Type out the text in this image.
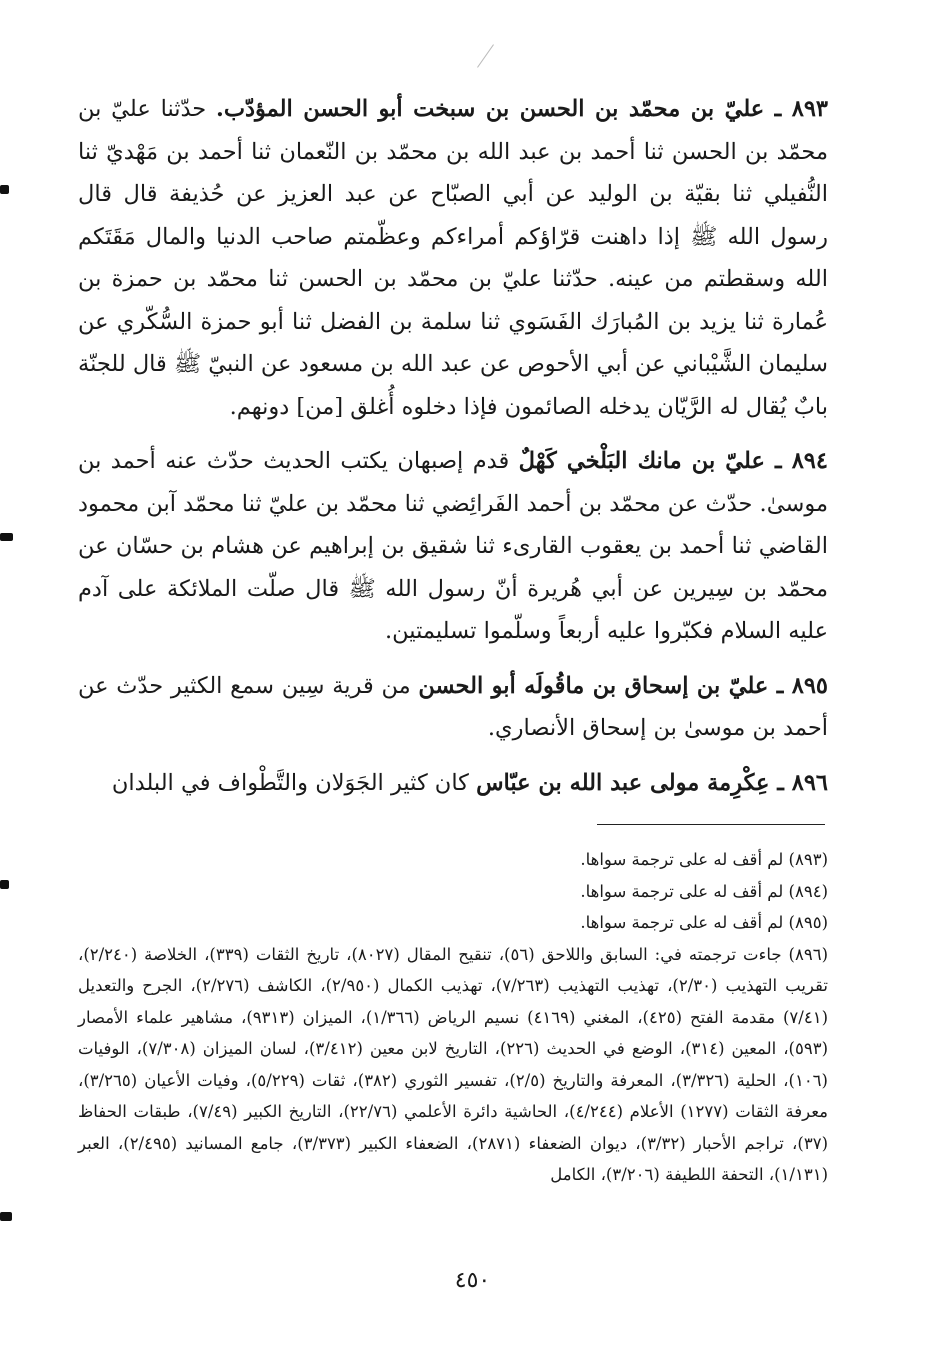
٨٩٣ ـ عليّ بن محمّد بن الحسن بن سبخت أبو الحسن المؤدّب. حدّثنا عليّ بن محمّد بن الحسن ثنا أحمد بن عبد الله بن محمّد بن النّعمان ثنا أحمد بن مَهْديّ ثنا النُّفيلي ثنا بقيّة بن الوليد عن أبي الصبّاح عن عبد العزيز عن حُذيفة قال قال رسول الله ﷺ إذا داهنت قرّاؤكم أمراءكم وعظّمتم صاحب الدنيا والمال مَقَتَكم الله وسقطتم من عينه. حدّثنا عليّ بن محمّد بن الحسن ثنا محمّد بن حمزة بن عُمارة ثنا يزيد بن المُبارَك الفَسَوي ثنا سلمة بن الفضل ثنا أبو حمزة السُّكّري عن سليمان الشَّيْباني عن أبي الأحوص عن عبد الله بن مسعود عن النبيّ ﷺ قال للجنّة بابٌ يُقال له الرَّيّان يدخله الصائمون فإذا دخلوه أُغلق [من] دونهم.

٨٩٤ ـ عليّ بن مانك البَلْخي كَهْلٌ قدم إصبهان يكتب الحديث حدّث عنه أحمد بن موسىٰ. حدّث عن محمّد بن أحمد الفَرائِضي ثنا محمّد بن عليّ ثنا محمّد آبن محمود القاضي ثنا أحمد بن يعقوب القارىء ثنا شقيق بن إبراهيم عن هشام بن حسّان عن محمّد بن سِيرين عن أبي هُريرة أنّ رسول الله ﷺ قال صلّت الملائكة على آدم عليه السلام فكبّروا عليه أربعاً وسلّموا تسليمتين.

٨٩٥ ـ عليّ بن إسحاق بن ماقُولَه أبو الحسن من قرية سِين سمع الكثير حدّث عن أحمد بن موسىٰ بن إسحاق الأنصاري.

٨٩٦ ـ عِكْرِمة مولى عبد الله بن عبّاس كان كثير الجَوَلان والتَّطْواف في البلدان

(٨٩٣) لم أقف له على ترجمة سواها.

(٨٩٤) لم أقف له على ترجمة سواها.

(٨٩٥) لم أقف له على ترجمة سواها.

(٨٩٦) جاءت ترجمته في: السابق واللاحق (٥٦)، تنقيح المقال (٨٠٢٧)، تاريخ الثقات (٣٣٩)، الخلاصة (٢/٢٤٠)، تقريب التهذيب (٢/٣٠)، تهذيب التهذيب (٧/٢٦٣)، تهذيب الكمال (٢/٩٥٠)، الكاشف (٢/٢٧٦)، الجرح والتعديل (٧/٤١) مقدمة الفتح (٤٢٥)، المغني (٤١٦٩) نسيم الرياض (١/٣٦٦)، الميزان (٩٣١٣)، مشاهير علماء الأمصار (٥٩٣)، المعين (٣١٤)، الوضع في الحديث (٢٢٦)، التاريخ لابن معين (٣/٤١٢)، لسان الميزان (٧/٣٠٨)، الوفيات (١٠٦)، الحلية (٣/٣٢٦)، المعرفة والتاريخ (٢/٥)، تفسير الثوري (٣٨٢)، ثقات (٥/٢٢٩)، وفيات الأعيان (٣/٢٦٥)، معرفة الثقات (١٢٧٧) الأعلام (٤/٢٤٤)، الحاشية دائرة الأعلمي (٢٢/٧٦)، التاريخ الكبير (٧/٤٩)، طبقات الحفاظ (٣٧)، تراجم الأحبار (٣/٣٢)، ديوان الضعفاء (٢٨٧١)، الضعفاء الكبير (٣/٣٧٣)، جامع المسانيد (٢/٤٩٥)، العبر (١/١٣١)، التحفة اللطيفة (٣/٢٠٦)، الكامل

٤٥٠
